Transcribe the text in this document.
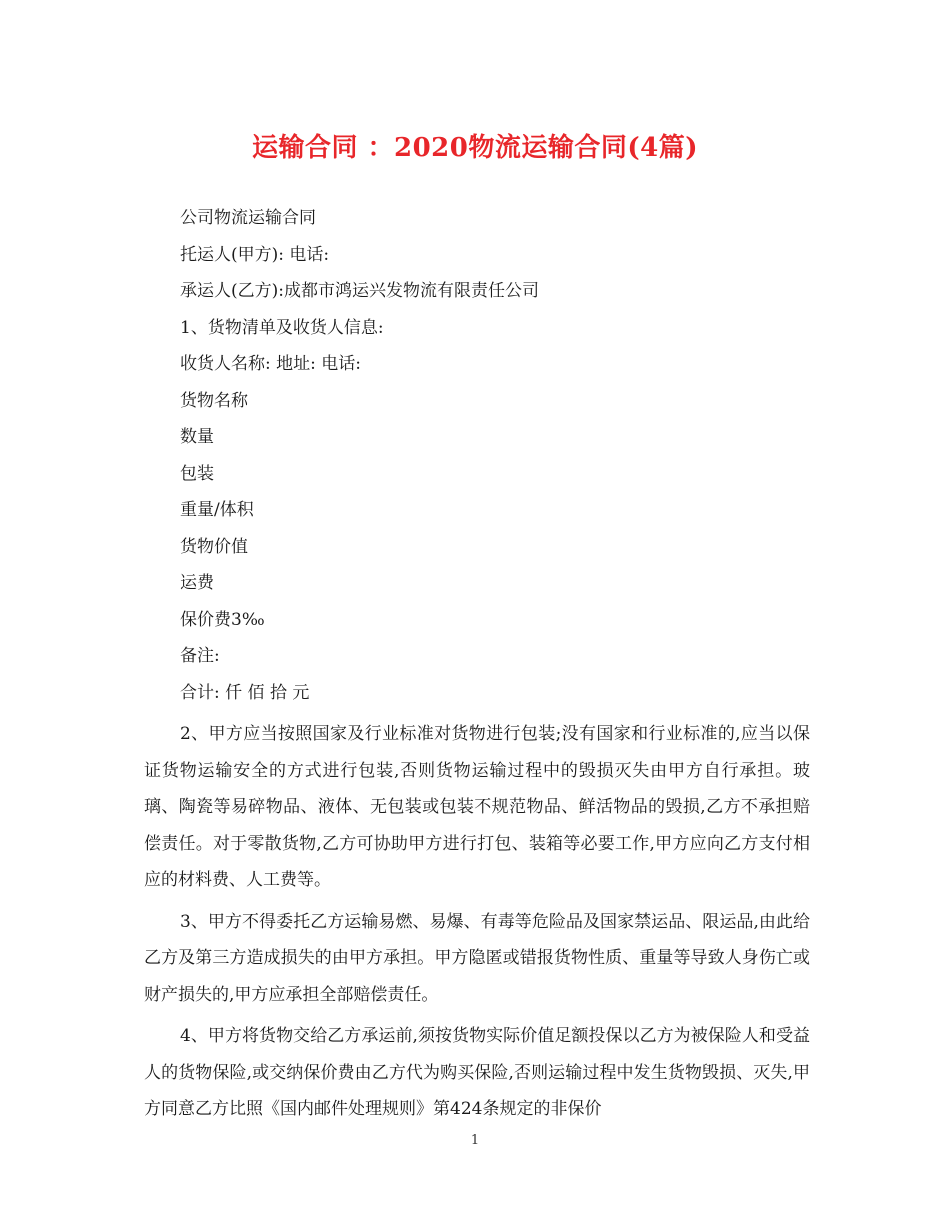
运输合同 ：2020物流运输合同(4篇)
公司物流运输合同
托运人(甲方): 电话:
承运人(乙方):成都市鸿运兴发物流有限责任公司
1、货物清单及收货人信息:
收货人名称: 地址: 电话:
货物名称
数量
包装
重量/体积
货物价值
运费
保价费3‰
备注:
合计: 仟 佰 拾 元
2、甲方应当按照国家及行业标准对货物进行包装;没有国家和行业标准的,应当以保证货物运输安全的方式进行包装,否则货物运输过程中的毁损灭失由甲方自行承担。玻璃、陶瓷等易碎物品、液体、无包装或包装不规范物品、鲜活物品的毁损,乙方不承担赔偿责任。对于零散货物,乙方可协助甲方进行打包、装箱等必要工作,甲方应向乙方支付相应的材料费、人工费等。
3、甲方不得委托乙方运输易燃、易爆、有毒等危险品及国家禁运品、限运品,由此给乙方及第三方造成损失的由甲方承担。甲方隐匿或错报货物性质、重量等导致人身伤亡或财产损失的,甲方应承担全部赔偿责任。
4、甲方将货物交给乙方承运前,须按货物实际价值足额投保以乙方为被保险人和受益人的货物保险,或交纳保价费由乙方代为购买保险,否则运输过程中发生货物毁损、灭失,甲方同意乙方比照《国内邮件处理规则》第424条规定的非保价
1
